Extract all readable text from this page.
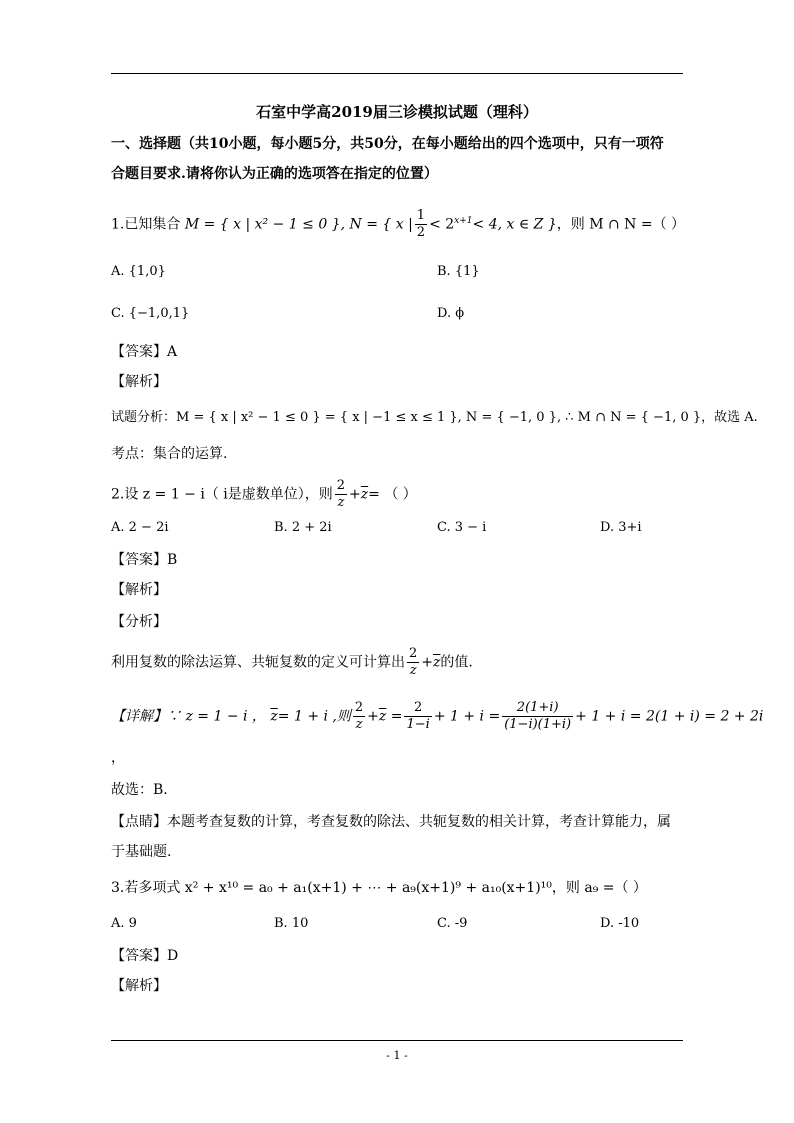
石室中学高2019届三诊模拟试题（理科）
一、选择题（共10小题，每小题5分，共50分，在每小题给出的四个选项中，只有一项符
合题目要求.请将你认为正确的选项答在指定的位置）
1.已知集合 M = { x | x² − 1 ≤ 0 }, N = { x | $\frac{1}{2} < 2^{x+1}< 4$, x ∈ Z }，则 M ∩ N =（ ）
A. {1,0}	B. {1}
C. {−1,0,1}	D. ϕ
【答案】A
【解析】
试题分析：M = { x | x² − 1 ≤ 0 } = { x | −1 ≤ x ≤ 1 }, N = { −1, 0 }, ∴ M ∩ N = { −1, 0 }，故选 A.
考点：集合的运算.
2.设 z = 1 − i（ i是虚数单位），则 $\frac{2}{z} +\overline{z}=$ （ ）
A. 2 − 2i	B. 2 + 2i	C. 3 − i	D. 3+i
【答案】B
【解析】
【分析】
利用复数的除法运算、共轭复数的定义可计算出 $\frac{2}{z} +\overline{z}$的值.
【详解】∵ z = 1 − i ， $\overline{z}= 1 + i$ ,则 $\frac{2}{z} +\overline{z} = \frac{2}{1-i} + 1 + i = \frac{2(1+i)}{(1-i)(1+i)} + 1 + i = 2(1 + i) = 2 + 2i$
，
故选：B.
【点睛】本题考查复数的计算，考查复数的除法、共轭复数的相关计算，考查计算能力，属
于基础题.
3.若多项式 x² + x¹⁰ = a₀ + a₁(x+1) + ⋯ + a₉(x+1)⁹ + a₁₀(x+1)¹⁰，则 a₉ =（ ）
A. 9	B. 10	C. -9	D. -10
【答案】D
【解析】
- 1 -
